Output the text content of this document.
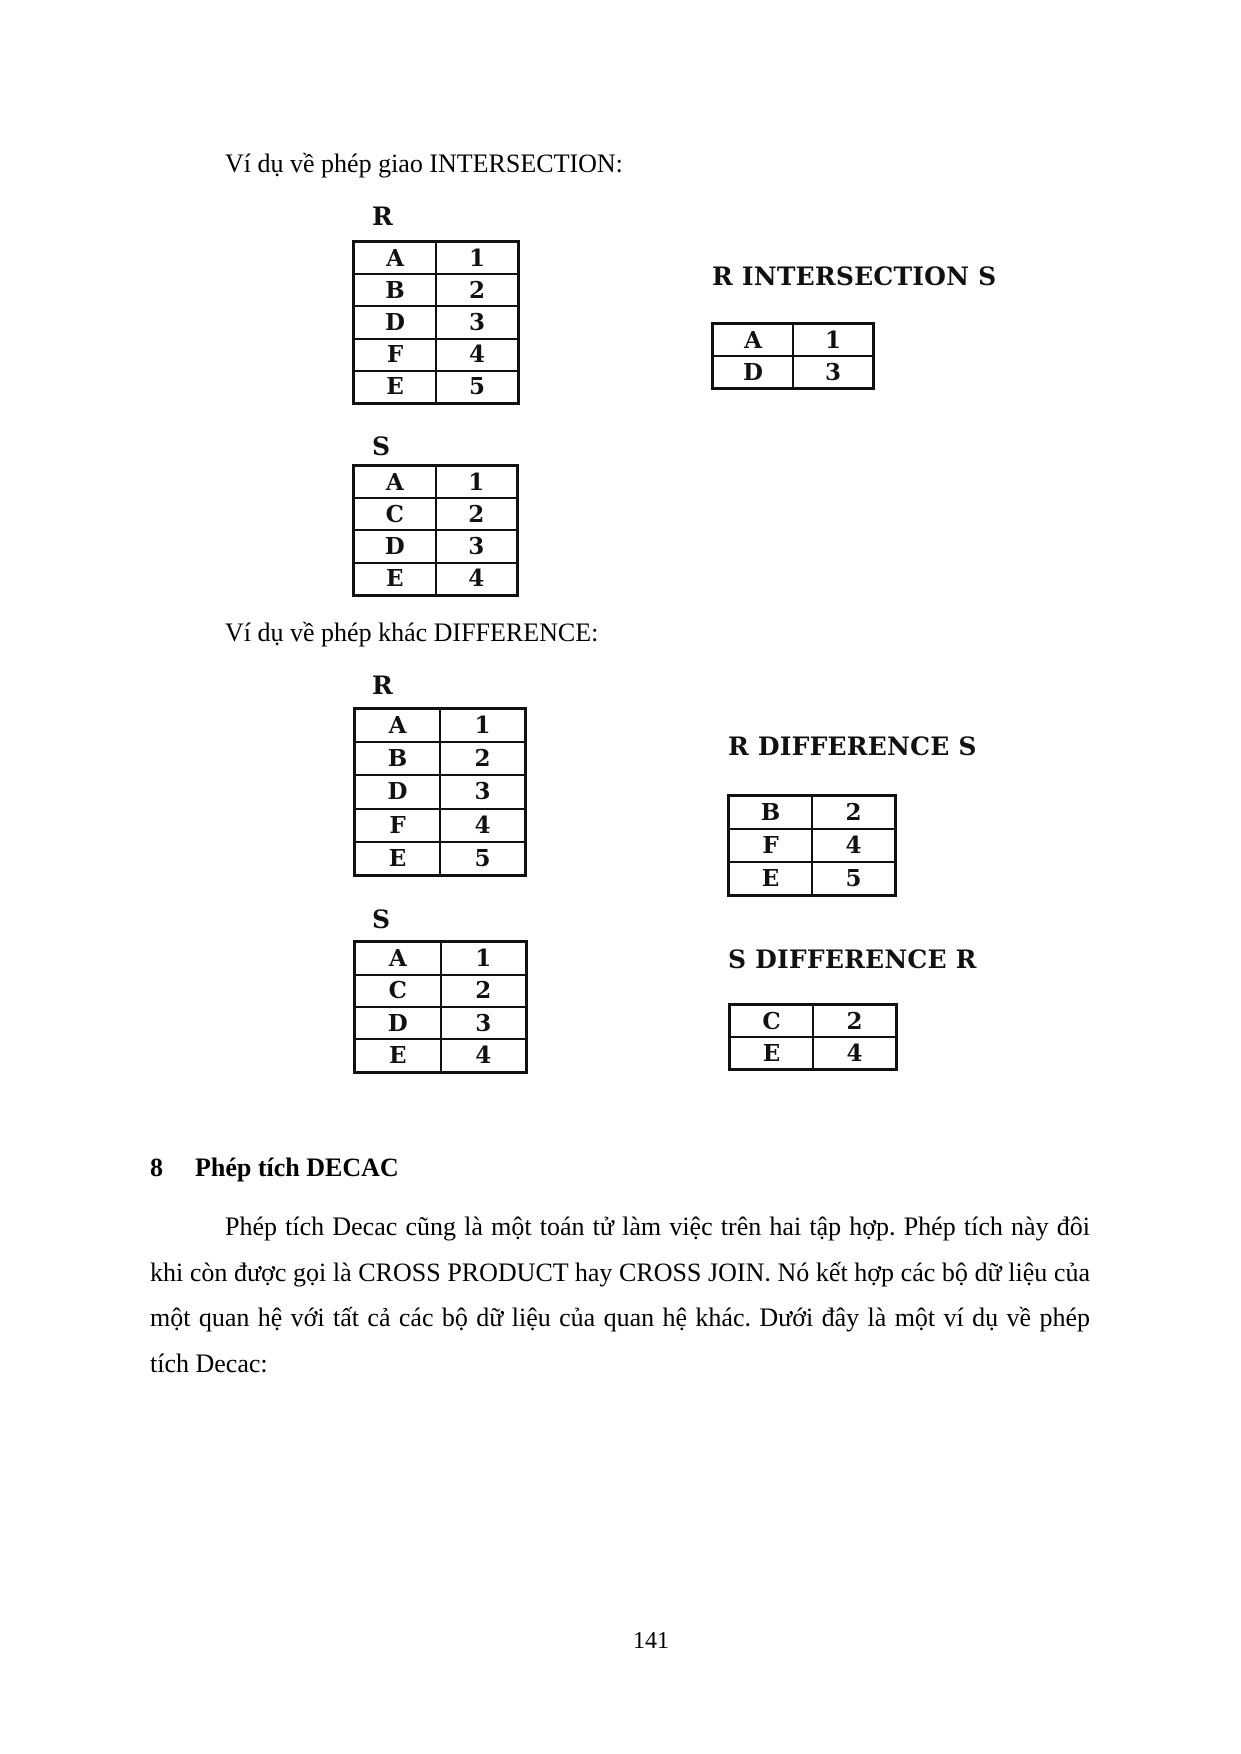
Ví dụ về phép giao INTERSECTION:
R
A	1
B	2
D	3
F	4
E	5
S
A	1
C	2
D	3
E	4
R INTERSECTION S
A	1
D	3
Ví dụ về phép khác DIFFERENCE:
R
A	1
B	2
D	3
F	4
E	5
S
A	1
C	2
D	3
E	4
R DIFFERENCE S
B	2
F	4
E	5
S DIFFERENCE R
C	2
E	4
8 Phép tích DECAC
Phép tích Decac cũng là một toán tử làm việc trên hai tập hợp. Phép tích này đôi khi còn được gọi là CROSS PRODUCT hay CROSS JOIN. Nó kết hợp các bộ dữ liệu của một quan hệ với tất cả các bộ dữ liệu của quan hệ khác. Dưới đây là một ví dụ về phép tích Decac:
141
